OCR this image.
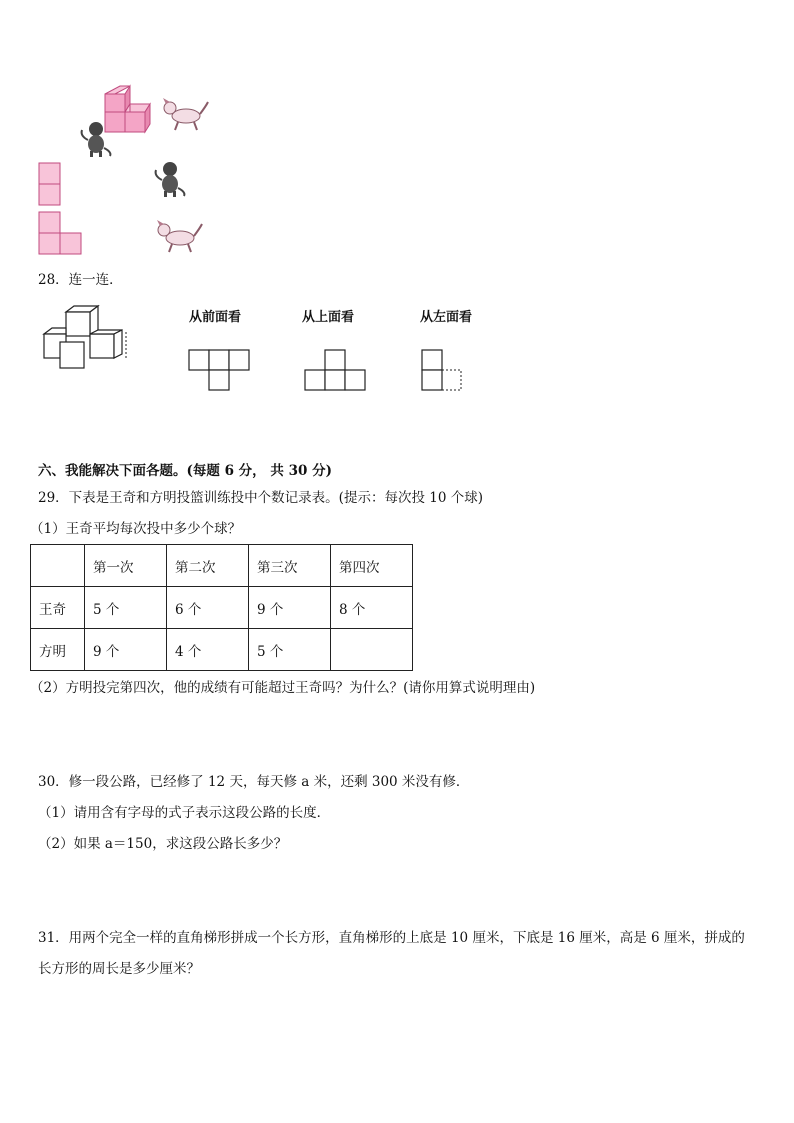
28．连一连．
从前面看	从上面看	从左面看
六、我能解决下面各题。(每题 6 分， 共 30 分)
29．下表是王奇和方明投篮训练投中个数记录表。(提示：每次投 10 个球)
（1）王奇平均每次投中多少个球？
	第一次	第二次	第三次	第四次
王奇	5 个	6 个	9 个	8 个
方明	9 个	4 个	5 个	
（2）方明投完第四次，他的成绩有可能超过王奇吗？为什么？(请你用算式说明理由)
30．修一段公路，已经修了 12 天，每天修 a 米，还剩 300 米没有修．
（1）请用含有字母的式子表示这段公路的长度．
（2）如果 a＝150，求这段公路长多少？
31．用两个完全一样的直角梯形拼成一个长方形，直角梯形的上底是 10 厘米，下底是 16 厘米，高是 6 厘米，拼成的
长方形的周长是多少厘米？
